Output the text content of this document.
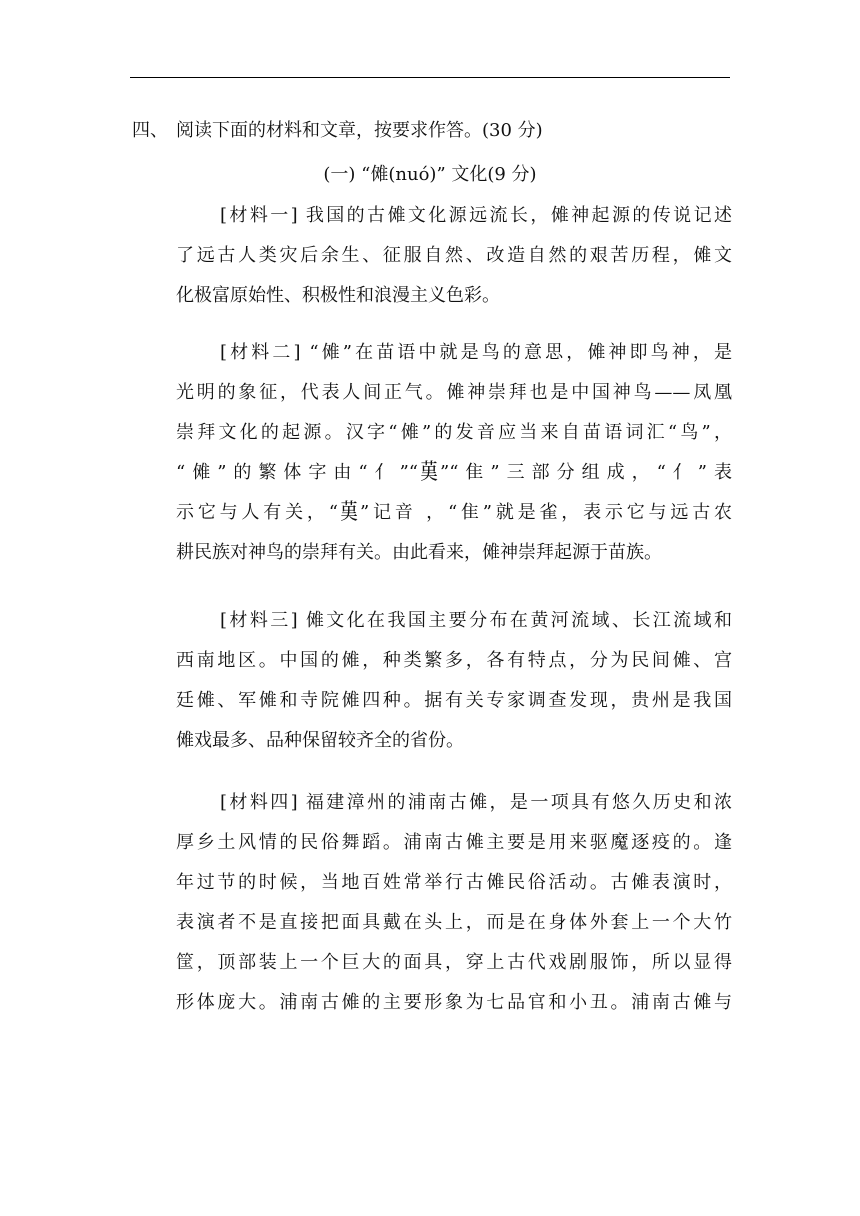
四、 阅读下面的材料和文章，按要求作答。(30 分)
(一) “傩(nuó)” 文化(9 分)
[材料一] 我国的古傩文化源远流长，傩神起源的传说记述
了远古人类灾后余生、征服自然、改造自然的艰苦历程，傩文
化极富原始性、积极性和浪漫主义色彩。
[材料二] “傩”在苗语中就是鸟的意思，傩神即鸟神，是
光明的象征，代表人间正气。傩神崇拜也是中国神鸟——凤凰
崇拜文化的起源。汉字“傩”的发音应当来自苗语词汇“鸟”，
“傩”的繁体字由“亻”“𦰩”“隹”三部分组成，“亻”表
示它与人有关，“𦰩”记音 ，“隹”就是雀，表示它与远古农
耕民族对神鸟的崇拜有关。由此看来，傩神崇拜起源于苗族。
[材料三] 傩文化在我国主要分布在黄河流域、长江流域和
西南地区。中国的傩，种类繁多，各有特点，分为民间傩、宫
廷傩、军傩和寺院傩四种。据有关专家调查发现，贵州是我国
傩戏最多、品种保留较齐全的省份。
[材料四] 福建漳州的浦南古傩，是一项具有悠久历史和浓
厚乡土风情的民俗舞蹈。浦南古傩主要是用来驱魔逐疫的。逢
年过节的时候，当地百姓常举行古傩民俗活动。古傩表演时，
表演者不是直接把面具戴在头上，而是在身体外套上一个大竹
筐，顶部装上一个巨大的面具，穿上古代戏剧服饰，所以显得
形体庞大。浦南古傩的主要形象为七品官和小丑。浦南古傩与
